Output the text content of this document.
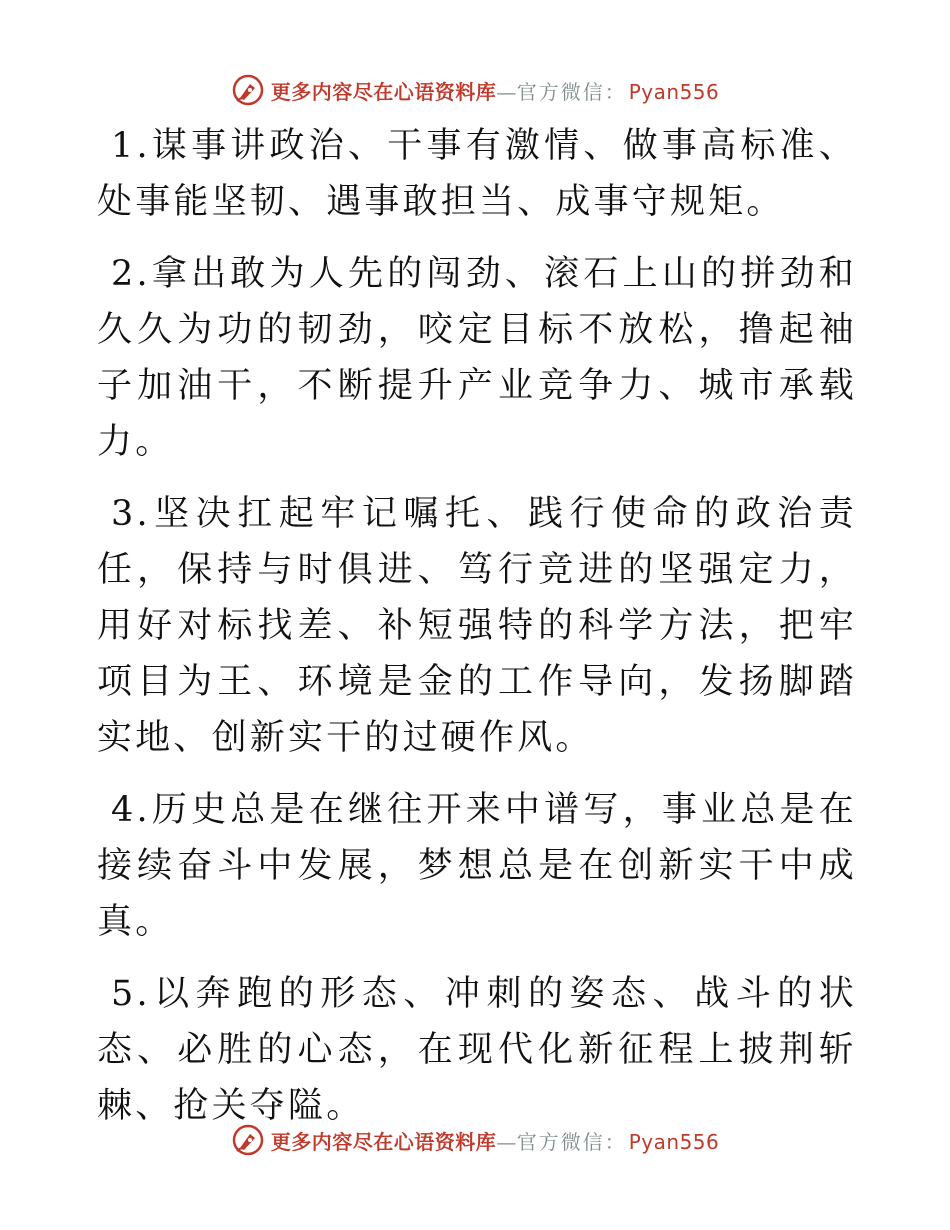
更多内容尽在心语资料库—官方微信： Pyan556

1.谋事讲政治、干事有激情、做事高标准、处事能坚韧、遇事敢担当、成事守规矩。

2.拿出敢为人先的闯劲、滚石上山的拼劲和久久为功的韧劲，咬定目标不放松，撸起袖子加油干，不断提升产业竞争力、城市承载力。

3.坚决扛起牢记嘱托、践行使命的政治责任，保持与时俱进、笃行竞进的坚强定力，用好对标找差、补短强特的科学方法，把牢项目为王、环境是金的工作导向，发扬脚踏实地、创新实干的过硬作风。

4.历史总是在继往开来中谱写，事业总是在接续奋斗中发展，梦想总是在创新实干中成真。

5.以奔跑的形态、冲刺的姿态、战斗的状态、必胜的心态，在现代化新征程上披荆斩棘、抢关夺隘。

更多内容尽在心语资料库—官方微信： Pyan556
